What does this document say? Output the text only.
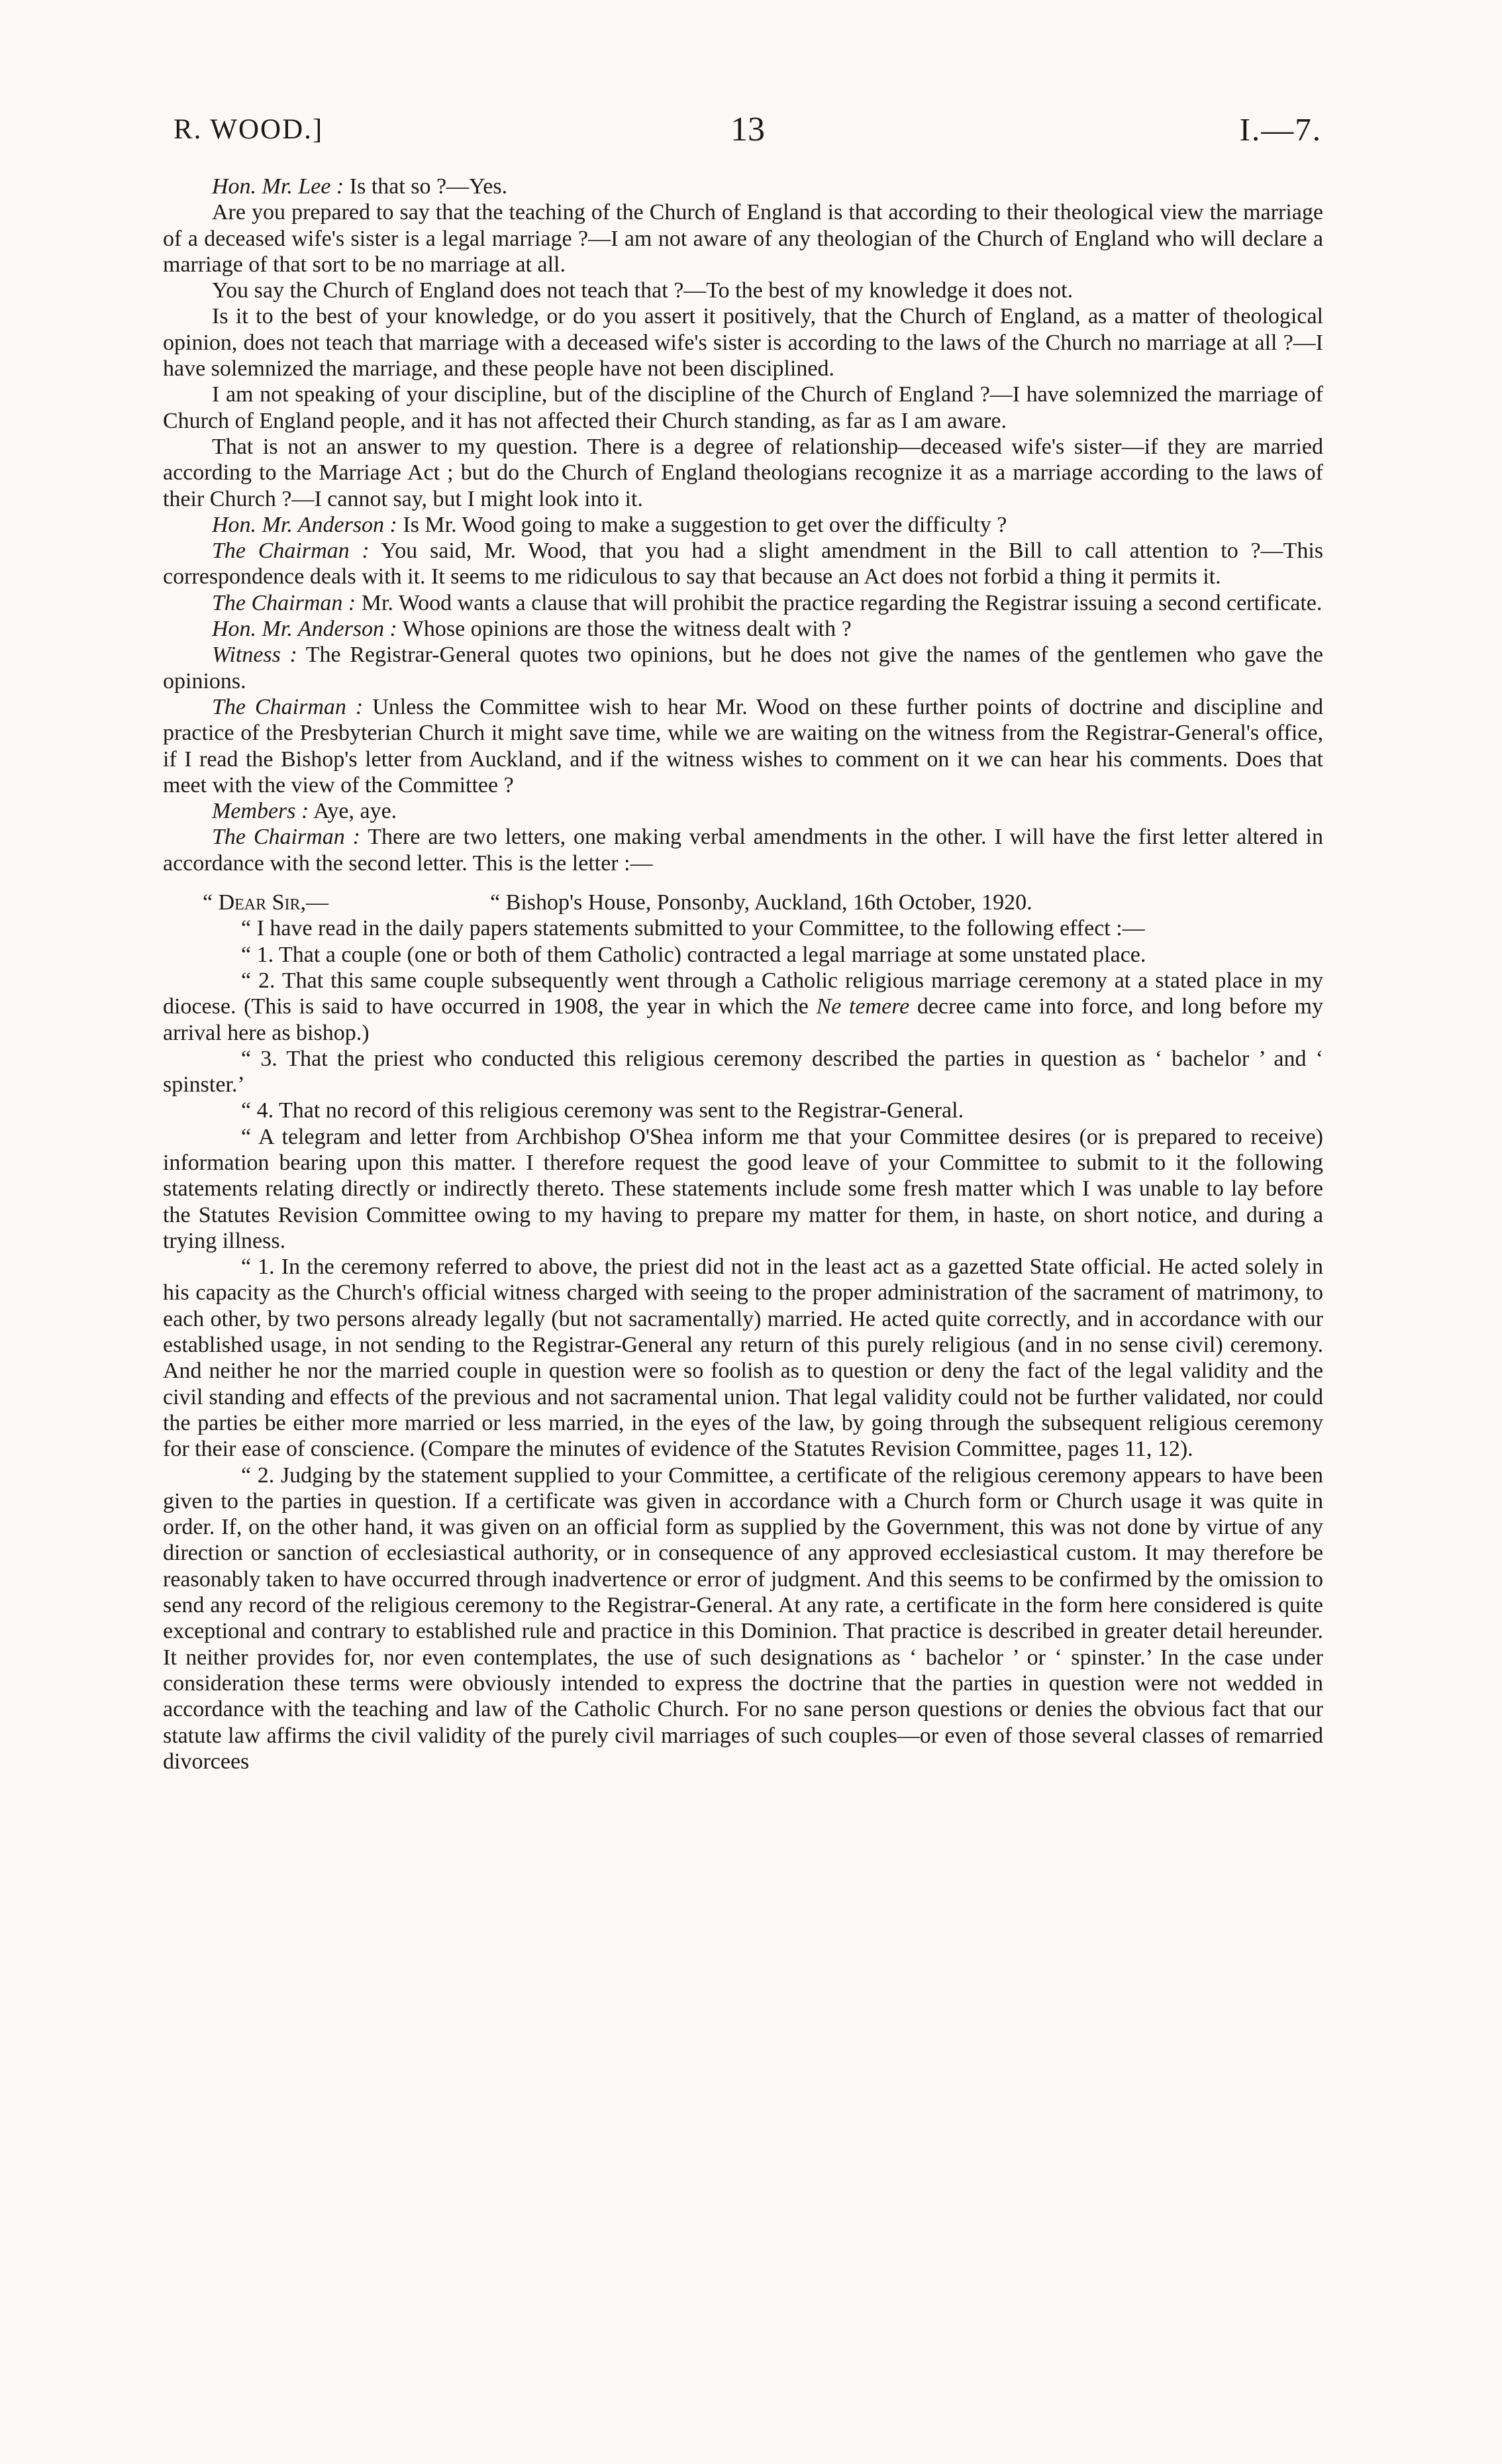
R. WOOD.]	13	I.—7.

Hon. Mr. Lee : Is that so ?—Yes.

Are you prepared to say that the teaching of the Church of England is that according to their theological view the marriage of a deceased wife's sister is a legal marriage ?—I am not aware of any theologian of the Church of England who will declare a marriage of that sort to be no marriage at all.

You say the Church of England does not teach that ?—To the best of my knowledge it does not.

Is it to the best of your knowledge, or do you assert it positively, that the Church of England, as a matter of theological opinion, does not teach that marriage with a deceased wife's sister is according to the laws of the Church no marriage at all ?—I have solemnized the marriage, and these people have not been disciplined.

I am not speaking of your discipline, but of the discipline of the Church of England ?—I have solemnized the marriage of Church of England people, and it has not affected their Church standing, as far as I am aware.

That is not an answer to my question. There is a degree of relationship—deceased wife's sister—if they are married according to the Marriage Act ; but do the Church of England theologians recognize it as a marriage according to the laws of their Church ?—I cannot say, but I might look into it.

Hon. Mr. Anderson : Is Mr. Wood going to make a suggestion to get over the difficulty ?

The Chairman : You said, Mr. Wood, that you had a slight amendment in the Bill to call attention to ?—This correspondence deals with it. It seems to me ridiculous to say that because an Act does not forbid a thing it permits it.

The Chairman : Mr. Wood wants a clause that will prohibit the practice regarding the Registrar issuing a second certificate.

Hon. Mr. Anderson : Whose opinions are those the witness dealt with ?

Witness : The Registrar-General quotes two opinions, but he does not give the names of the gentlemen who gave the opinions.

The Chairman : Unless the Committee wish to hear Mr. Wood on these further points of doctrine and discipline and practice of the Presbyterian Church it might save time, while we are waiting on the witness from the Registrar-General's office, if I read the Bishop's letter from Auckland, and if the witness wishes to comment on it we can hear his comments. Does that meet with the view of the Committee ?

Members : Aye, aye.

The Chairman : There are two letters, one making verbal amendments in the other. I will have the first letter altered in accordance with the second letter. This is the letter :—

“ Dear Sir,—	“ Bishop's House, Ponsonby, Auckland, 16th October, 1920.

“ I have read in the daily papers statements submitted to your Committee, to the following effect :—

“ 1. That a couple (one or both of them Catholic) contracted a legal marriage at some unstated place.

“ 2. That this same couple subsequently went through a Catholic religious marriage ceremony at a stated place in my diocese. (This is said to have occurred in 1908, the year in which the Ne temere decree came into force, and long before my arrival here as bishop.)

“ 3. That the priest who conducted this religious ceremony described the parties in question as ‘ bachelor ’ and ‘ spinster.’

“ 4. That no record of this religious ceremony was sent to the Registrar-General.

“ A telegram and letter from Archbishop O'Shea inform me that your Committee desires (or is prepared to receive) information bearing upon this matter. I therefore request the good leave of your Committee to submit to it the following statements relating directly or indirectly thereto. These statements include some fresh matter which I was unable to lay before the Statutes Revision Committee owing to my having to prepare my matter for them, in haste, on short notice, and during a trying illness.

“ 1. In the ceremony referred to above, the priest did not in the least act as a gazetted State official. He acted solely in his capacity as the Church's official witness charged with seeing to the proper administration of the sacrament of matrimony, to each other, by two persons already legally (but not sacramentally) married. He acted quite correctly, and in accordance with our established usage, in not sending to the Registrar-General any return of this purely religious (and in no sense civil) ceremony. And neither he nor the married couple in question were so foolish as to question or deny the fact of the legal validity and the civil standing and effects of the previous and not sacramental union. That legal validity could not be further validated, nor could the parties be either more married or less married, in the eyes of the law, by going through the subsequent religious ceremony for their ease of conscience. (Compare the minutes of evidence of the Statutes Revision Committee, pages 11, 12).

“ 2. Judging by the statement supplied to your Committee, a certificate of the religious ceremony appears to have been given to the parties in question. If a certificate was given in accordance with a Church form or Church usage it was quite in order. If, on the other hand, it was given on an official form as supplied by the Government, this was not done by virtue of any direction or sanction of ecclesiastical authority, or in consequence of any approved ecclesiastical custom. It may therefore be reasonably taken to have occurred through inadvertence or error of judgment. And this seems to be confirmed by the omission to send any record of the religious ceremony to the Registrar-General. At any rate, a certificate in the form here considered is quite exceptional and contrary to established rule and practice in this Dominion. That practice is described in greater detail hereunder. It neither provides for, nor even contemplates, the use of such designations as ‘ bachelor ’ or ‘ spinster.’ In the case under consideration these terms were obviously intended to express the doctrine that the parties in question were not wedded in accordance with the teaching and law of the Catholic Church. For no sane person questions or denies the obvious fact that our statute law affirms the civil validity of the purely civil marriages of such couples—or even of those several classes of remarried divorcees
